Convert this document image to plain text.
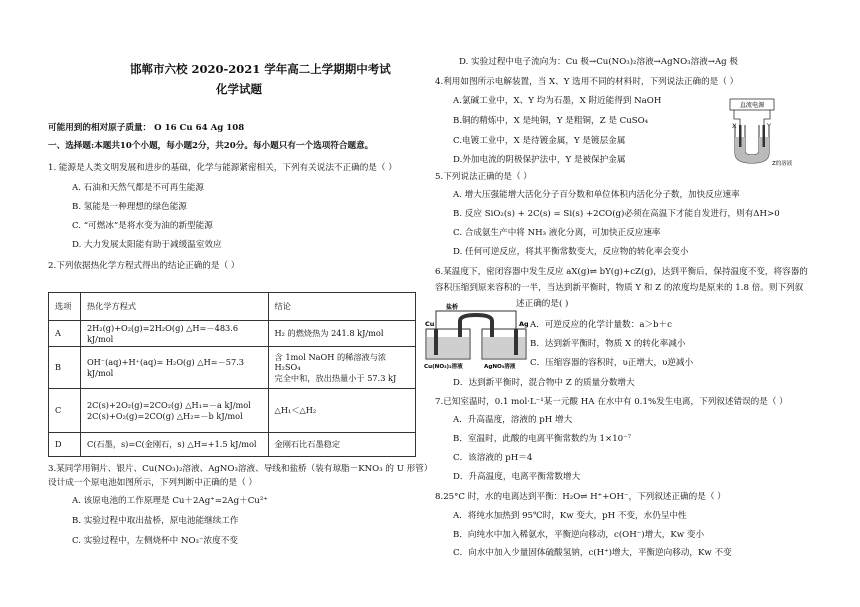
邯郸市六校 2020-2021 学年高二上学期期中考试
化学试题
可能用到的相对原子质量： O 16 Cu 64 Ag 108
一、选择题:本题共10个小题，每小题2分，共20分。每小题只有一个选项符合题意。
1. 能源是人类文明发展和进步的基础，化学与能源紧密相关，下列有关说法不正确的是（ ）
A. 石油和天然气都是不可再生能源
B. 氢能是一种理想的绿色能源
C. “可燃冰”是将水变为油的新型能源
D. 大力发展太阳能有助于减缓温室效应
2.下列依据热化学方程式得出的结论正确的是（ ）
选项	热化学方程式	结论
A	2H₂(g)+O₂(g)=2H₂O(g) △H=－483.6 kJ/mol	H₂ 的燃烧热为 241.8 kJ/mol
B	OH⁻(aq)+H⁺(aq)= H₂O(g) △H=－57.3 kJ/mol	含 1mol NaOH 的稀溶液与浓 H₂SO₄
完全中和，放出热量小于 57.3 kJ

C	2C(s)+2O₂(g)=2CO₂(g) △H₁=－a kJ/mol
2C(s)+O₂(g)=2CO(g) △H₂=－b kJ/mol	△H₁＜△H₂
D	C(石墨，s)=C(金刚石，s) △H=+1.5 kJ/mol	金刚石比石墨稳定
3.某同学用铜片、银片、Cu(NO₃)₂溶液、AgNO₃溶液、导线和盐桥（装有琼脂－KNO₃ 的 U 形管）
设计成一个原电池如图所示，下列判断中正确的是（ ）
A. 该原电池的工作原理是 Cu＋2Ag⁺=2Ag＋Cu²⁺
B. 实验过程中取出盐桥，原电池能继续工作
C. 实验过程中，左侧烧杯中 NO₃⁻浓度不变
D. 实验过程中电子流向为：Cu 极→Cu(NO₃)₂溶液→AgNO₃溶液→Ag 极
4.利用如图所示电解装置，当 X、Y 选用不同的材料时，下列说法正确的是（ ）
A.氯碱工业中，X、Y 均为石墨，X 附近能得到 NaOH
B.铜的精炼中，X 是纯铜，Y 是粗铜，Z 是 CuSO₄
C.电镀工业中，X 是待镀金属，Y 是镀层金属
D.外加电流的阴极保护法中，Y 是被保护金属
直流电源
X	Y
Z的溶液
5.下列说法正确的是（ ）
A. 增大压强能增大活化分子百分数和单位体积内活化分子数，加快反应速率
B. 反应 SiO₂(s) + 2C(s) = Si(s) +2CO(g)必须在高温下才能自发进行，则有ΔH>0
C. 合成氨生产中将 NH₃ 液化分离，可加快正反应速率
D. 任何可逆反应，将其平衡常数变大，反应物的转化率会变小
6.某温度下，密闭容器中发生反应 aX(g)⇌ bY(g)+cZ(g)，达到平衡后，保持温度不变，将容器的
容积压缩到原来容积的一半，当达到新平衡时，物质 Y 和 Z 的浓度均是原来的 1.8 倍。则下列叙
述正确的是( )
A．可逆反应的化学计量数：a＞b＋c
B．达到新平衡时，物质 X 的转化率减小
C．压缩容器的容积时，υ正增大，υ逆减小
D．达到新平衡时，混合物中 Z 的质量分数增大
7.已知室温时，0.1 mol·L⁻¹某一元酸 HA 在水中有 0.1%发生电离，下列叙述错误的是（ ）
A．升高温度，溶液的 pH 增大
B．室温时，此酸的电离平衡常数约为 1×10⁻⁷
C．该溶液的 pH＝4
D．升高温度，电离平衡常数增大
8.25°C 时，水的电离达到平衡：H₂O⇌ H⁺+OH⁻，下列叙述正确的是（ ）
A．将纯水加热到 95℃时，Kw 变大，pH 不变，水仍呈中性
B．向纯水中加入稀氨水，平衡逆向移动，c(OH⁻)增大，Kw 变小
C．向水中加入少量固体硫酸氢钠，c(H⁺)增大，平衡逆向移动，Kw 不变
盐桥
Cu	Ag
Cu(NO₃)₂溶液	AgNO₃溶液
